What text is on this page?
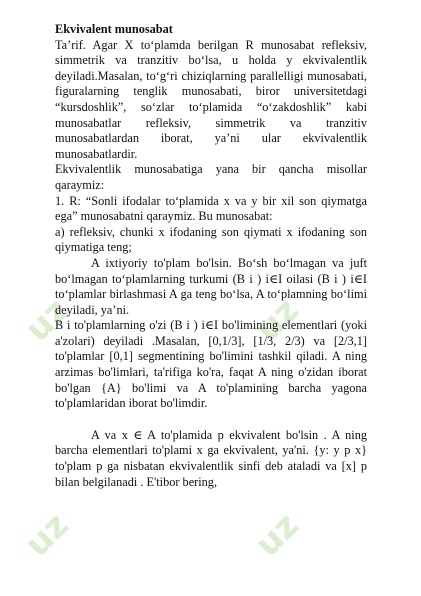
uz	uz
uz	uz

Ekvivalent munosabat

Ta’rif. Agar X to‘plamda berilgan R munosabat refleksiv, simmetrik va tranzitiv bo‘lsa, u holda y ekvivalentlik deyiladi.Masalan, to‘g‘ri chiziqlarning parallelligi munosabati, figuralarning tenglik munosabati, biror universitetdagi “kursdoshlik”, so‘zlar to‘plamida “o‘zakdoshlik” kabi munosabatlar refleksiv, simmetrik va tranzitiv munosabatlardan iborat, ya’ni ular ekvivalentlik munosabatlardir.

Ekvivalentlik munosabatiga yana bir qancha misollar qaraymiz:

1. R: “Sonli ifodalar to‘plamida x va y bir xil son qiymatga ega” munosabatni qaraymiz. Bu munosabat:

a) refleksiv, chunki x ifodaning son qiymati x ifodaning son qiymatiga teng;

A ixtiyoriy to'plam bo'lsin. Bo‘sh bo‘lmagan va juft bo‘lmagan to‘plamlarning turkumi (B i ) i∈I oilasi (B i ) i∈I to‘plamlar birlashmasi A ga teng bo‘lsa, A to‘plamning bo‘limi deyiladi, ya’ni.

B i to'plamlarning o'zi (B i ) i∈I bo'limining elementlari (yoki a'zolari) deyiladi .Masalan, [0,1/3], [1/3, 2/3) va [2/3,1] to'plamlar [0,1] segmentining bo'limini tashkil qiladi. A ning arzimas bo'limlari, ta'rifiga ko'ra, faqat A ning o'zidan iborat bo'lgan {A} bo'limi va A to'plamining barcha yagona to'plamlaridan iborat bo'limdir.

A va x ∈ A to'plamida p ekvivalent bo'lsin . A ning barcha elementlari to'plami x ga ekvivalent, ya'ni. {y: y p x} to'plam p ga nisbatan ekvivalentlik sinfi deb ataladi va [x] p bilan belgilanadi . E'tibor bering,
